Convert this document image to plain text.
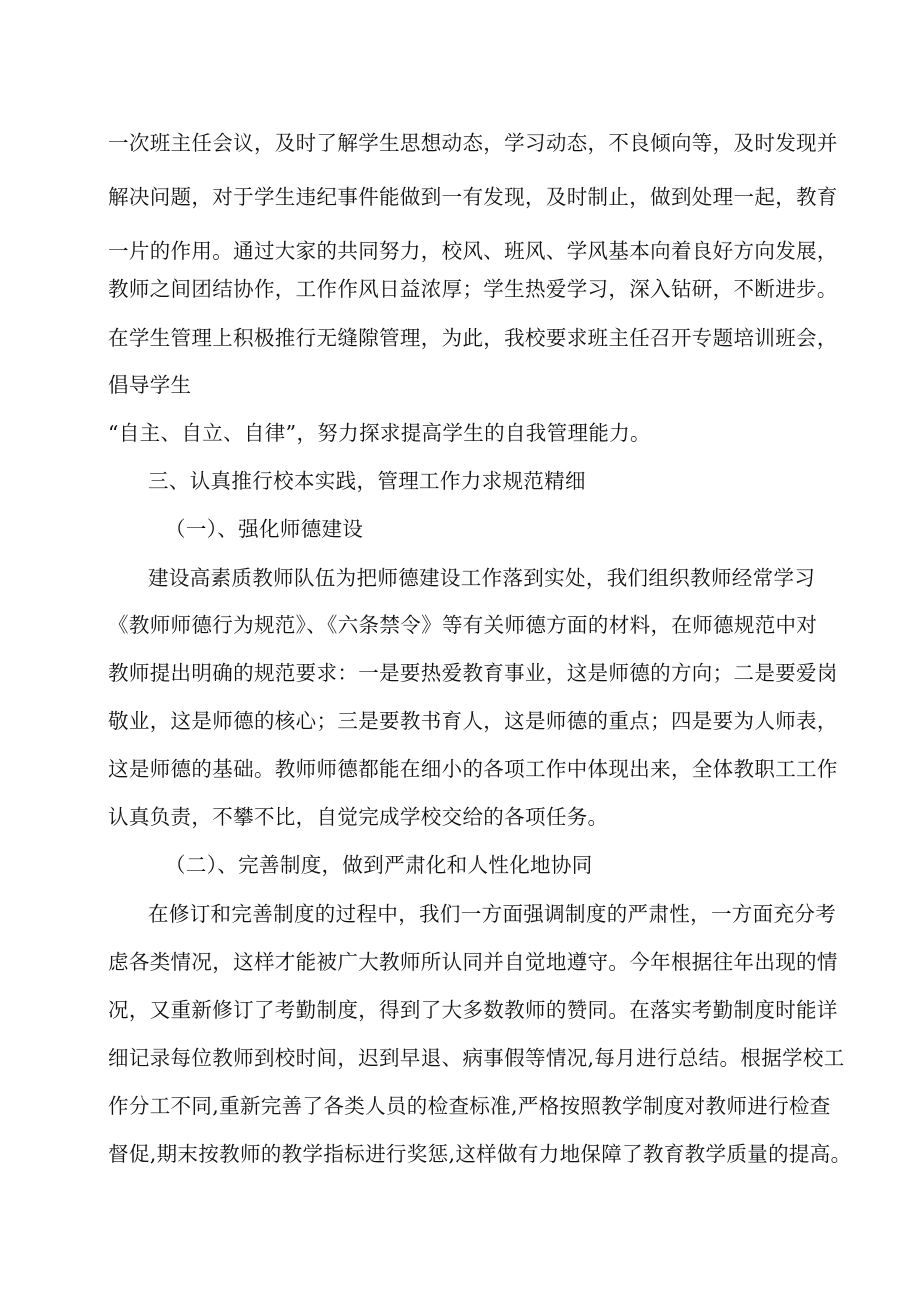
一次班主任会议，及时了解学生思想动态，学习动态，不良倾向等，及时发现并
解决问题，对于学生违纪事件能做到一有发现，及时制止，做到处理一起，教育
一片的作用。通过大家的共同努力，校风、班风、学风基本向着良好方向发展，
教师之间团结协作，工作作风日益浓厚；学生热爱学习，深入钻研，不断进步。
在学生管理上积极推行无缝隙管理，为此，我校要求班主任召开专题培训班会，
倡导学生
“自主、自立、自律”，努力探求提高学生的自我管理能力。
三、认真推行校本实践，管理工作力求规范精细
（一）、强化师德建设
建设高素质教师队伍为把师德建设工作落到实处，我们组织教师经常学习
《教师师德行为规范》、《六条禁令》等有关师德方面的材料，在师德规范中对
教师提出明确的规范要求：一是要热爱教育事业，这是师德的方向；二是要爱岗
敬业，这是师德的核心；三是要教书育人，这是师德的重点；四是要为人师表，
这是师德的基础。教师师德都能在细小的各项工作中体现出来，全体教职工工作
认真负责，不攀不比，自觉完成学校交给的各项任务。
（二）、完善制度，做到严肃化和人性化地协同
在修订和完善制度的过程中，我们一方面强调制度的严肃性，一方面充分考
虑各类情况，这样才能被广大教师所认同并自觉地遵守。今年根据往年出现的情
况，又重新修订了考勤制度，得到了大多数教师的赞同。在落实考勤制度时能详
细记录每位教师到校时间，迟到早退、病事假等情况,每月进行总结。根据学校工
作分工不同,重新完善了各类人员的检查标准,严格按照教学制度对教师进行检查
督促,期末按教师的教学指标进行奖惩,这样做有力地保障了教育教学质量的提高。
